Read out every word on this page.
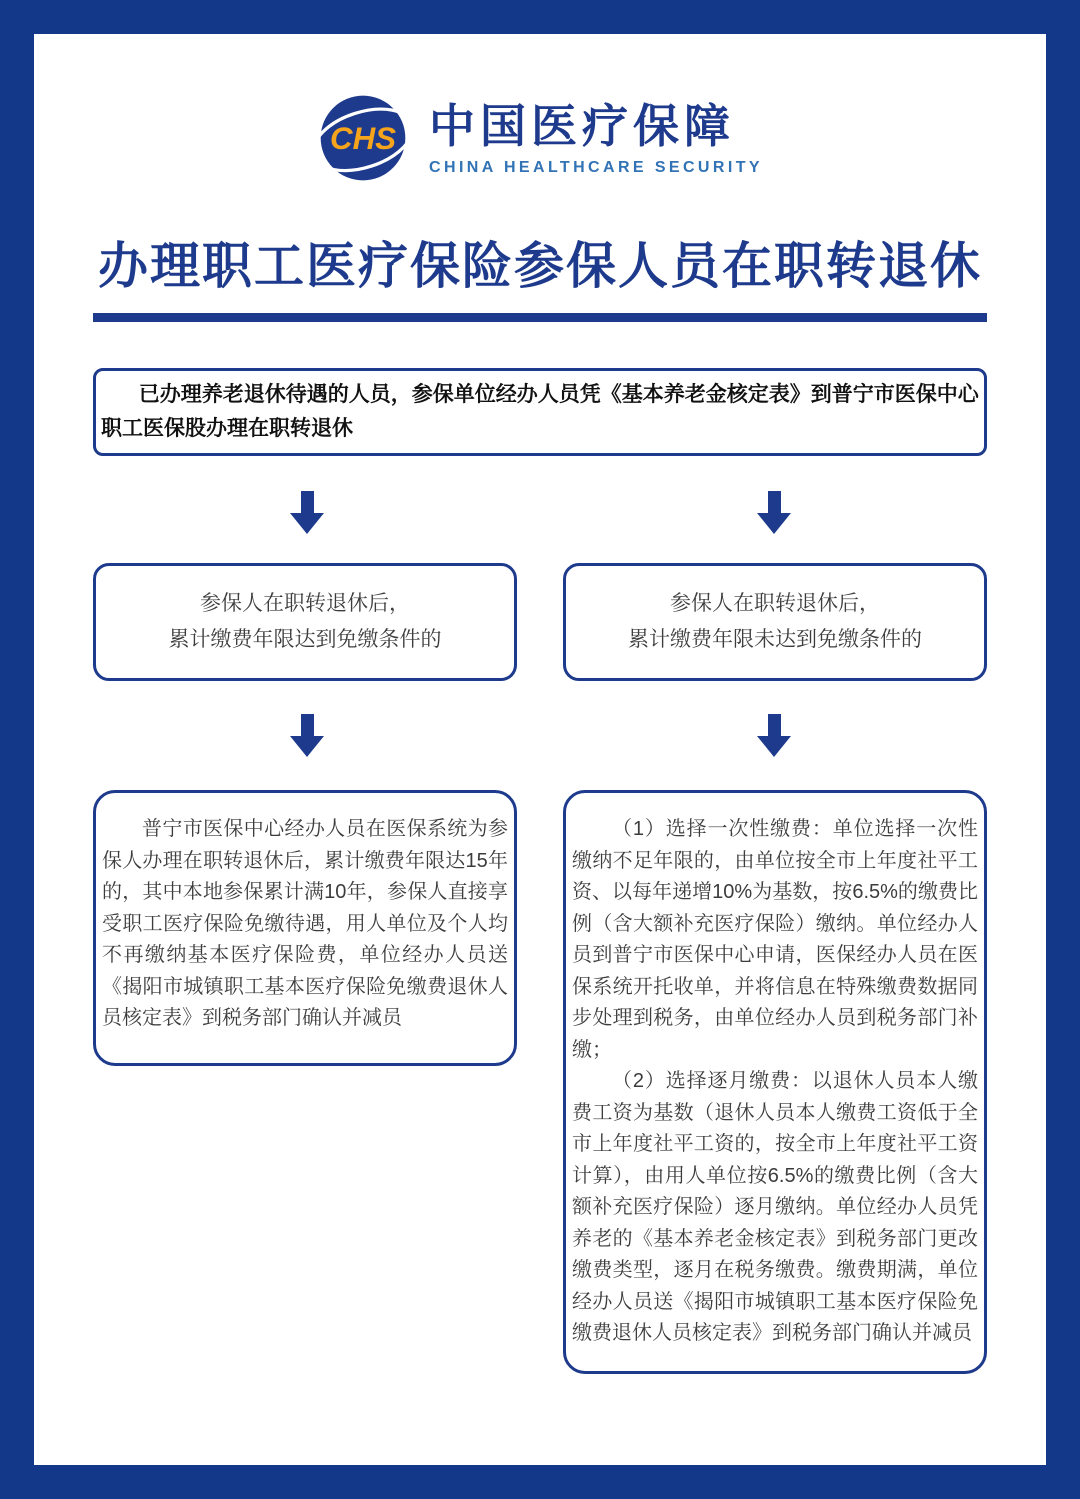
CHS 中国医疗保障
CHINA HEALTHCARE SECURITY
办理职工医疗保险参保人员在职转退休

已办理养老退休待遇的人员，参保单位经办人员凭《基本养老金核定表》到普宁市医保中心职工医保股办理在职转退休

参保人在职转退休后，
累计缴费年限达到免缴条件的
参保人在职转退休后，
累计缴费年限未达到免缴条件的

普宁市医保中心经办人员在医保系统为参保人办理在职转退休后，累计缴费年限达15年的，其中本地参保累计满10年，参保人直接享受职工医疗保险免缴待遇，用人单位及个人均不再缴纳基本医疗保险费，单位经办人员送《揭阳市城镇职工基本医疗保险免缴费退休人员核定表》到税务部门确认并减员

（1）选择一次性缴费：单位选择一次性缴纳不足年限的，由单位按全市上年度社平工资、以每年递增10%为基数，按6.5%的缴费比例（含大额补充医疗保险）缴纳。单位经办人员到普宁市医保中心申请，医保经办人员在医保系统开托收单，并将信息在特殊缴费数据同步处理到税务，由单位经办人员到税务部门补缴；

（2）选择逐月缴费：以退休人员本人缴费工资为基数（退休人员本人缴费工资低于全市上年度社平工资的，按全市上年度社平工资计算），由用人单位按6.5%的缴费比例（含大额补充医疗保险）逐月缴纳。单位经办人员凭养老的《基本养老金核定表》到税务部门更改缴费类型，逐月在税务缴费。缴费期满，单位经办人员送《揭阳市城镇职工基本医疗保险免缴费退休人员核定表》到税务部门确认并减员
